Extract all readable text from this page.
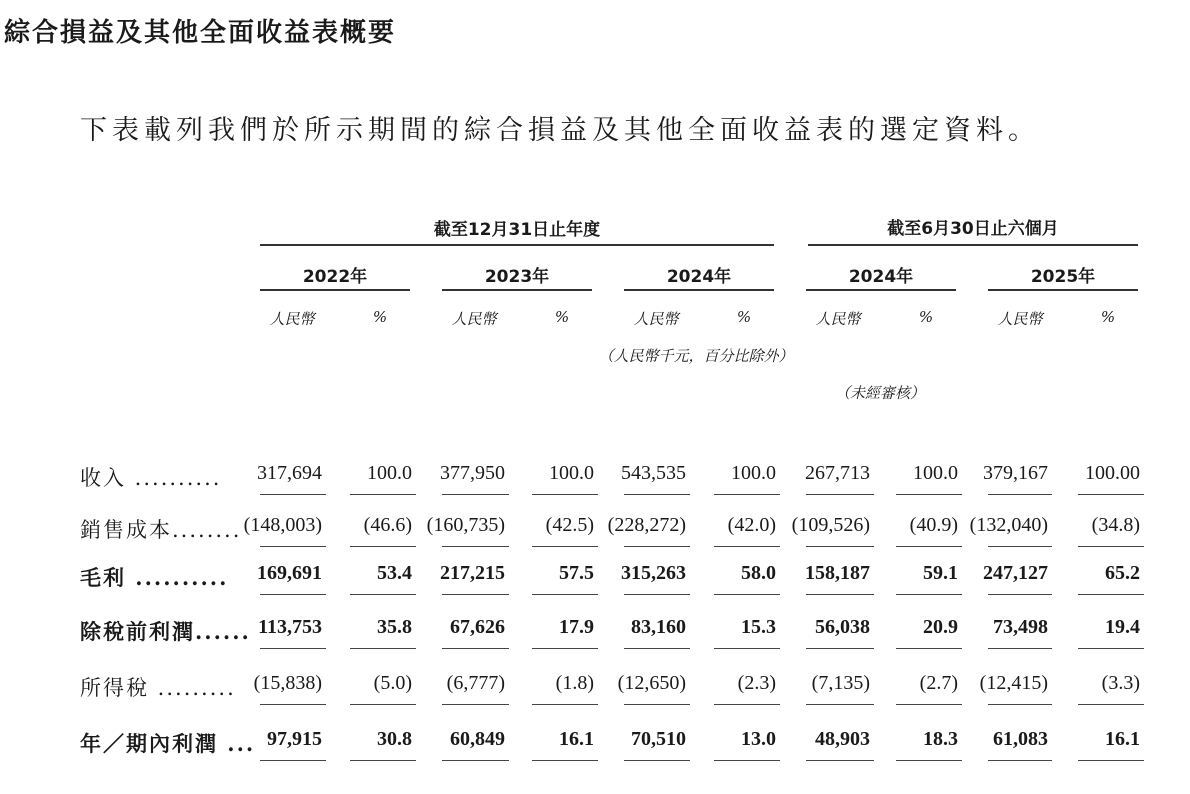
綜合損益及其他全面收益表概要
下表載列我們於所示期間的綜合損益及其他全面收益表的選定資料。
截至12月31日止年度	截至6月30日止六個月
2022年	2023年	2024年	2024年	2025年
人民幣	%	人民幣	%	人民幣	%	人民幣	%	人民幣	%
（人民幣千元，百分比除外）
（未經審核）
收入 ..........	317,694	100.0	377,950	100.0	543,535	100.0	267,713	100.0	379,167	100.00
銷售成本........ (148,003)	(46.6) (160,735)	(42.5) (228,272)	(42.0) (109,526)	(40.9) (132,040)	(34.8)
毛利 ..........	169,691	53.4	217,215	57.5	315,263	58.0	158,187	59.1	247,127	65.2
除稅前利潤...... 113,753	35.8	67,626	17.9	83,160	15.3	56,038	20.9	73,498	19.4
所得稅 ......... (15,838)	(5.0)	(6,777)	(1.8)	(12,650)	(2.3)	(7,135)	(2.7)	(12,415)	(3.3)
年／期內利潤 ... 97,915	30.8	60,849	16.1	70,510	13.0	48,903	18.3	61,083	16.1
